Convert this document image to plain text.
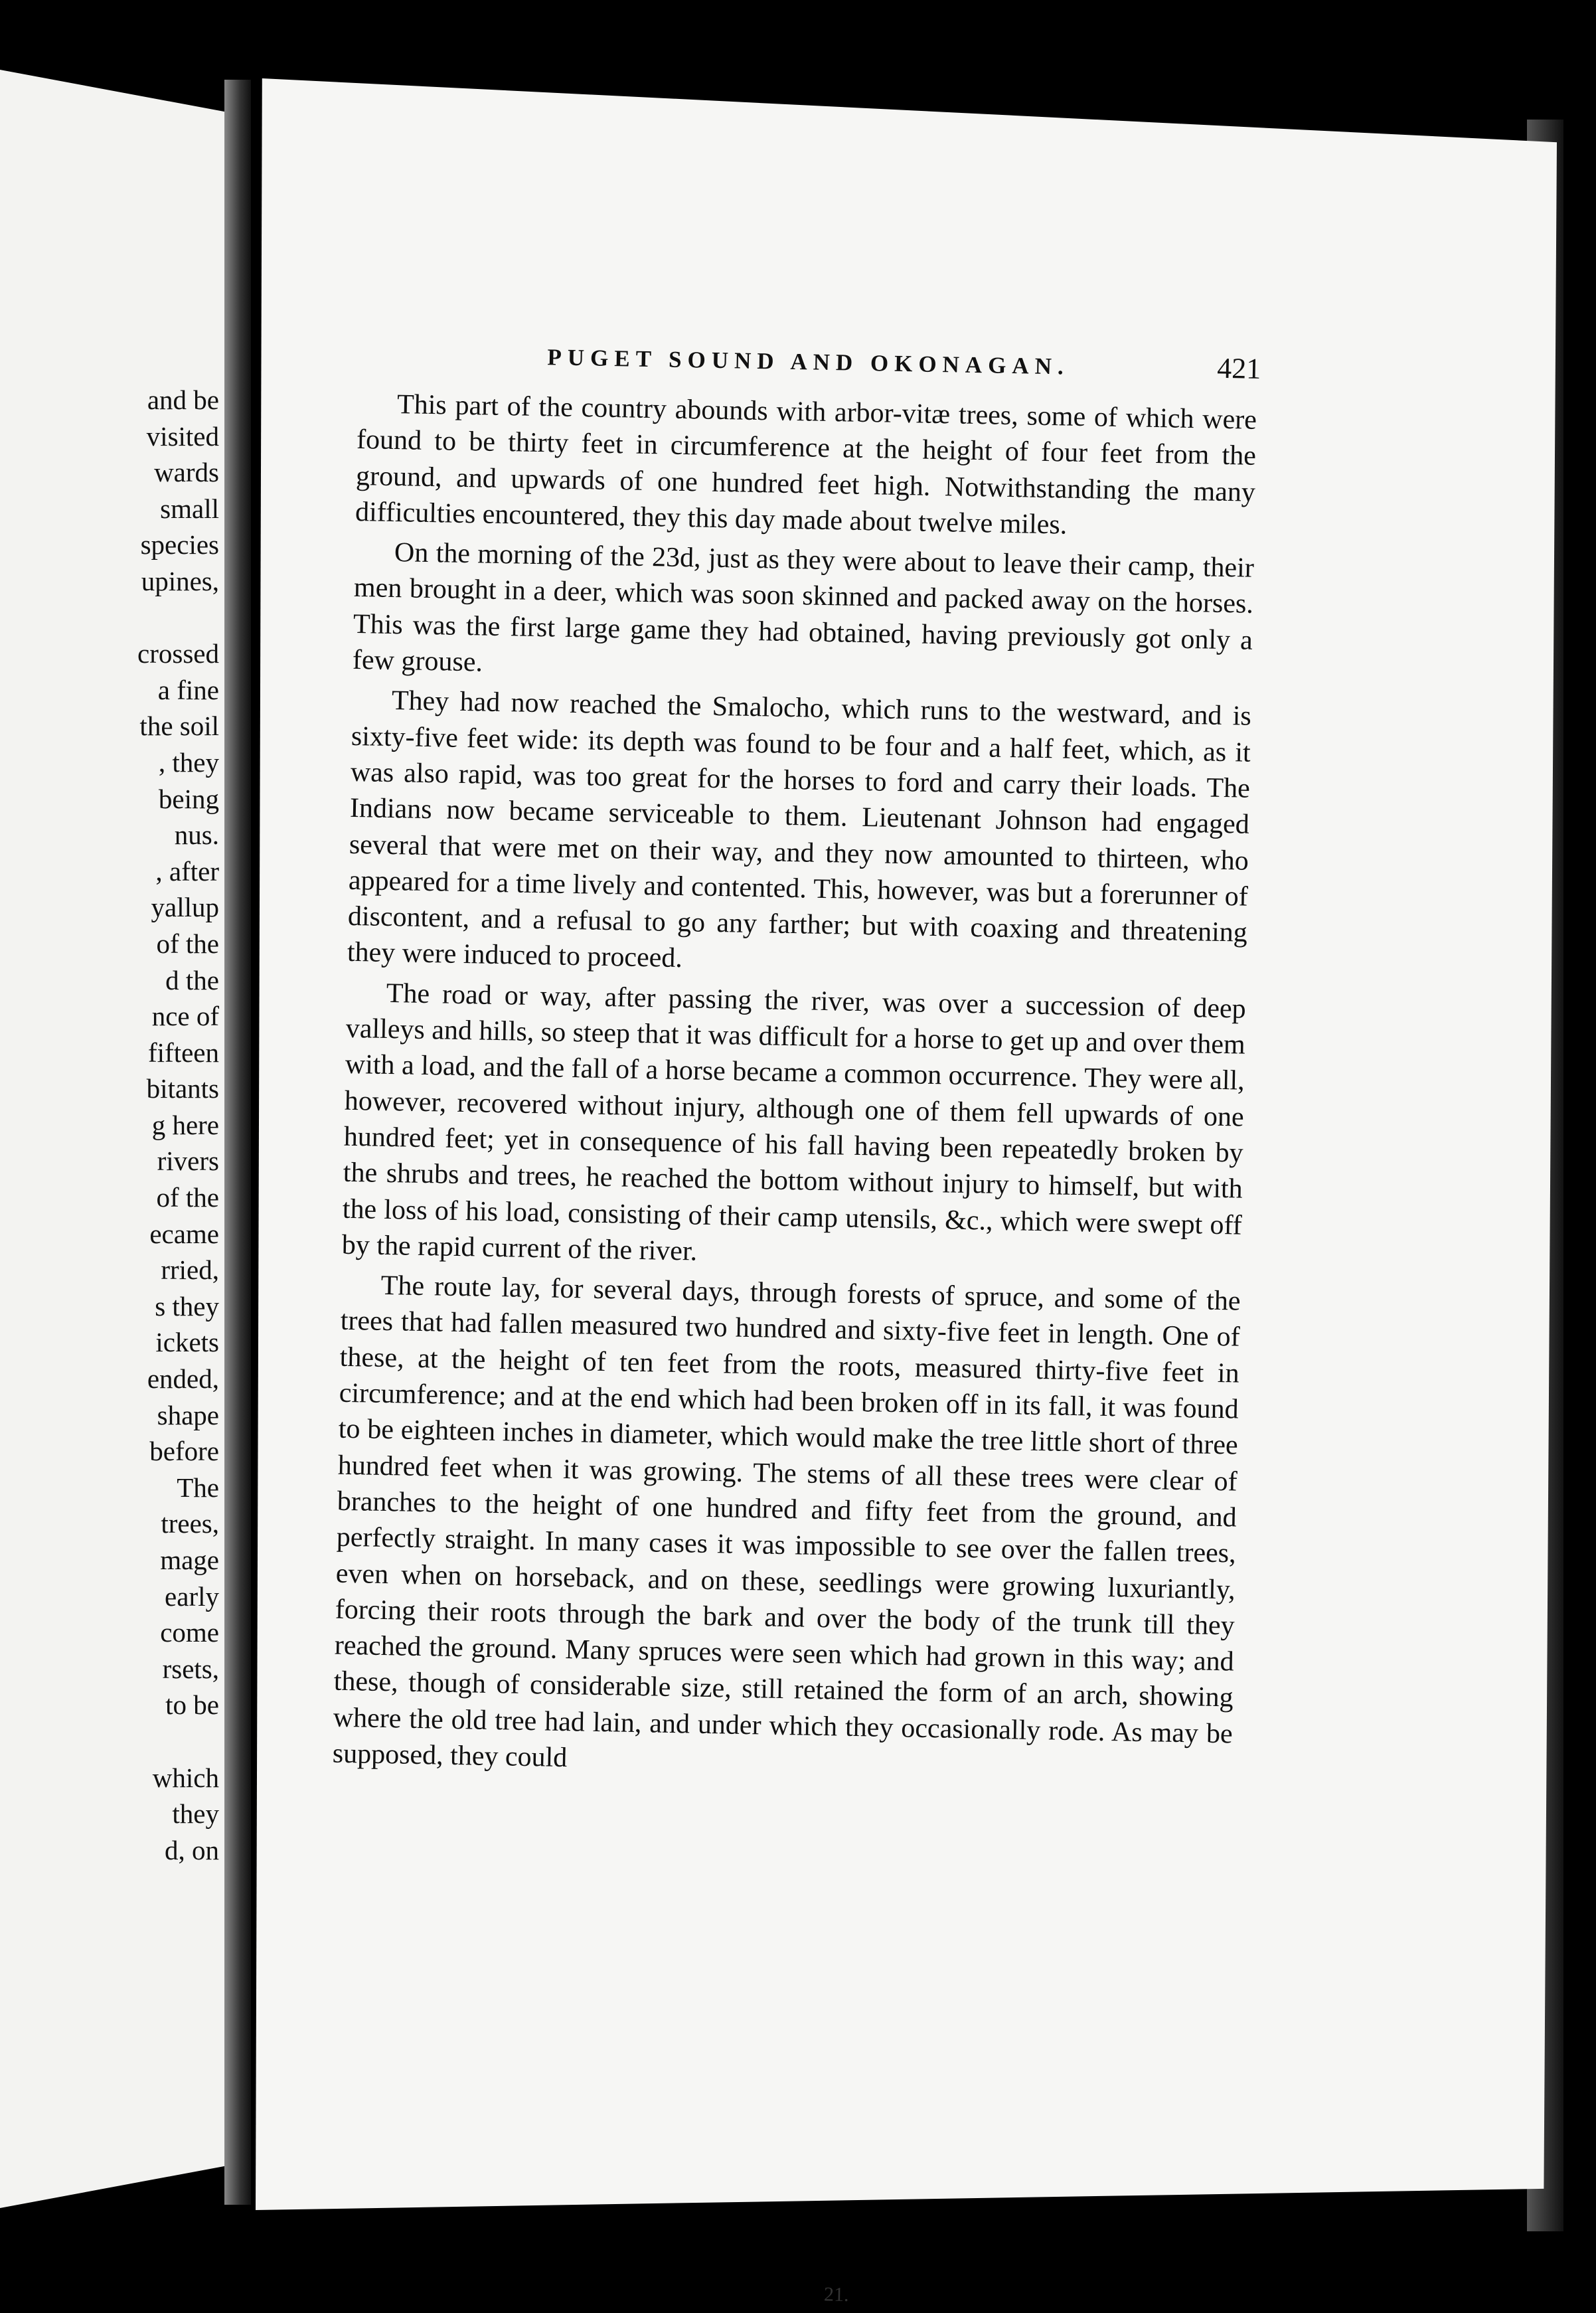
and be
visited
wards
small
species
upines,
crossed
a fine
the soil
, they
being
nus.
, after
yallup
of the
d the
nce of
fifteen
bitants
g here
rivers
of the
ecame
rried,
s they
ickets
ended,
shape
before
The
trees,
mage
early
come
rsets,
to be
which
they
d, on
PUGET SOUND AND OKONAGAN.	421

This part of the country abounds with arbor-vitæ trees, some of which were found to be thirty feet in circumference at the height of four feet from the ground, and upwards of one hundred feet high. Notwithstanding the many difficulties encountered, they this day made about twelve miles.

On the morning of the 23d, just as they were about to leave their camp, their men brought in a deer, which was soon skinned and packed away on the horses. This was the first large game they had obtained, having previously got only a few grouse.

They had now reached the Smalocho, which runs to the westward, and is sixty-five feet wide: its depth was found to be four and a half feet, which, as it was also rapid, was too great for the horses to ford and carry their loads. The Indians now became serviceable to them. Lieutenant Johnson had engaged several that were met on their way, and they now amounted to thirteen, who appeared for a time lively and contented. This, however, was but a forerunner of discontent, and a refusal to go any farther; but with coaxing and threatening they were induced to proceed.

The road or way, after passing the river, was over a succession of deep valleys and hills, so steep that it was difficult for a horse to get up and over them with a load, and the fall of a horse became a common occurrence. They were all, however, recovered without injury, although one of them fell upwards of one hundred feet; yet in consequence of his fall having been repeatedly broken by the shrubs and trees, he reached the bottom without injury to himself, but with the loss of his load, consisting of their camp utensils, &c., which were swept off by the rapid current of the river.

The route lay, for several days, through forests of spruce, and some of the trees that had fallen measured two hundred and sixty-five feet in length. One of these, at the height of ten feet from the roots, measured thirty-five feet in circumference; and at the end which had been broken off in its fall, it was found to be eighteen inches in diameter, which would make the tree little short of three hundred feet when it was growing. The stems of all these trees were clear of branches to the height of one hundred and fifty feet from the ground, and perfectly straight. In many cases it was impossible to see over the fallen trees, even when on horseback, and on these, seedlings were growing luxuriantly, forcing their roots through the bark and over the body of the trunk till they reached the ground. Many spruces were seen which had grown in this way; and these, though of considerable size, still retained the form of an arch, showing where the old tree had lain, and under which they occasionally rode. As may be supposed, they could

21.
